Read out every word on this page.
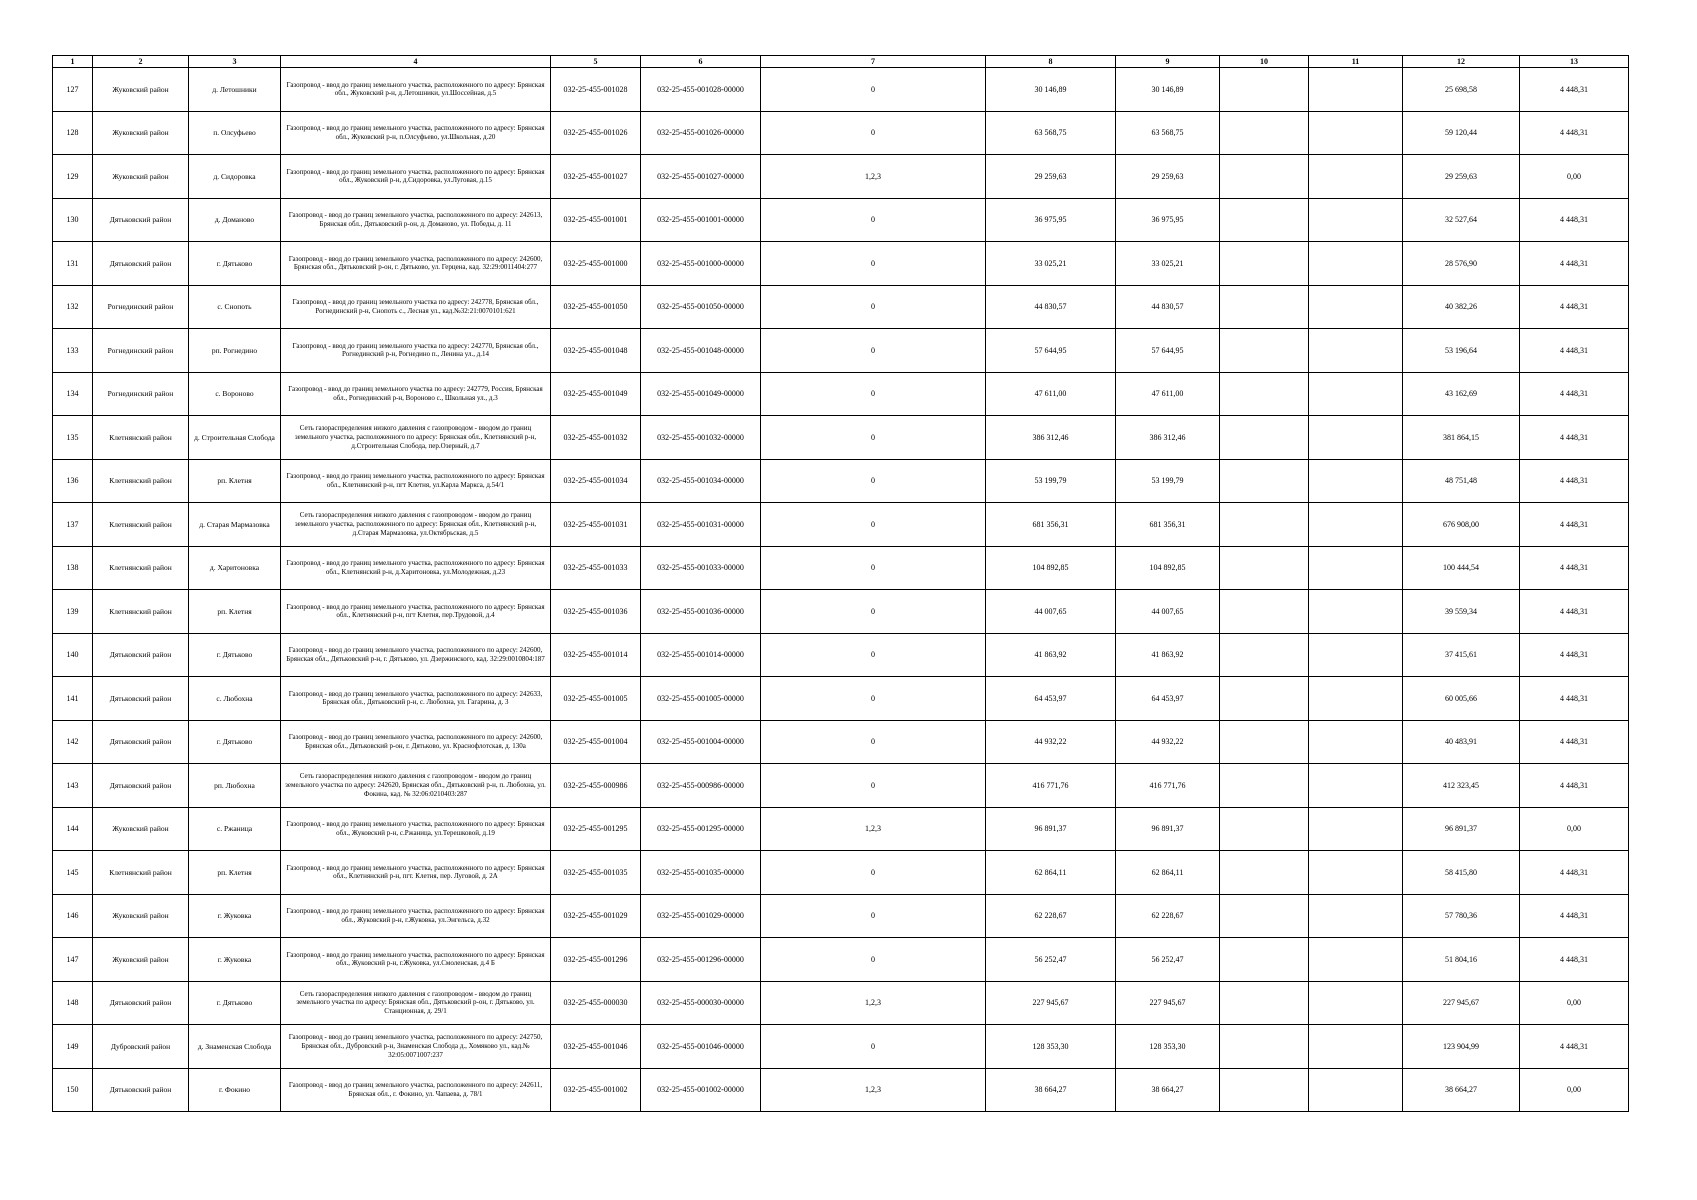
1	2	3	4	5	6	7	8	9	10	11	12	13
127	Жуковский район	д. Летошники	Газопровод - ввод до границ земельного участка, расположенного по адресу: Брянская обл., Жуковский р-н, д.Летошники, ул.Шоссейная, д.5	032-25-455-001028	032-25-455-001028-00000	0	30 146,89	30 146,89			25 698,58	4 448,31
128	Жуковский район	п. Олсуфьево	Газопровод - ввод до границ земельного участка, расположенного по адресу: Брянская обл., Жуковский р-н, п.Олсуфьево, ул.Школьная, д.20	032-25-455-001026	032-25-455-001026-00000	0	63 568,75	63 568,75			59 120,44	4 448,31
129	Жуковский район	д. Сидоровка	Газопровод - ввод до границ земельного участка, расположенного по адресу: Брянская обл., Жуковский р-н, д.Сидоровка, ул.Луговая, д.15	032-25-455-001027	032-25-455-001027-00000	1,2,3	29 259,63	29 259,63			29 259,63	0,00
130	Дятьковский район	д. Доманово	Газопровод - ввод до границ земельного участка, расположенного по адресу: 242613, Брянская обл., Дятьковский р-он, д. Доманово, ул. Победы, д. 11	032-25-455-001001	032-25-455-001001-00000	0	36 975,95	36 975,95			32 527,64	4 448,31
131	Дятьковский район	г. Дятьково	Газопровод - ввод до границ земельного участка, расположенного по адресу: 242600, Брянская обл., Дятьковский р-он, г. Дятьково, ул. Герцена, кад. 32:29:0011404:277	032-25-455-001000	032-25-455-001000-00000	0	33 025,21	33 025,21			28 576,90	4 448,31
132	Рогнединский район	с. Снопоть	Газопровод - ввод до границ земельного участка по адресу: 242778, Брянская обл., Рогнединский р-н, Снопоть с., Лесная ул., кад.№32:21:0070101:621	032-25-455-001050	032-25-455-001050-00000	0	44 830,57	44 830,57			40 382,26	4 448,31
133	Рогнединский район	рп. Рогнедино	Газопровод - ввод до границ земельного участка по адресу: 242770, Брянская обл., Рогнединский р-н, Рогнедино п., Ленина ул., д.14	032-25-455-001048	032-25-455-001048-00000	0	57 644,95	57 644,95			53 196,64	4 448,31
134	Рогнединский район	с. Вороново	Газопровод - ввод до границ земельного участка по адресу: 242779, Россия, Брянская обл., Рогнединский р-н, Вороново с., Школьная ул., д.3	032-25-455-001049	032-25-455-001049-00000	0	47 611,00	47 611,00			43 162,69	4 448,31
135	Клетнянский район	д. Строительная Слобода	Сеть газораспределения низкого давления с газопроводом - вводом до границ земельного участка, расположенного по адресу: Брянская обл., Клетнянский р-н, д.Строительная Слобода, пер.Озерный, д.7	032-25-455-001032	032-25-455-001032-00000	0	386 312,46	386 312,46			381 864,15	4 448,31
136	Клетнянский район	рп. Клетня	Газопровод - ввод до границ земельного участка, расположенного по адресу: Брянская обл., Клетнянский р-н, пгт Клетня, ул.Карла Маркса, д.54/1	032-25-455-001034	032-25-455-001034-00000	0	53 199,79	53 199,79			48 751,48	4 448,31
137	Клетнянский район	д. Старая Мармазовка	Сеть газораспределения низкого давления с газопроводом - вводом до границ земельного участка, расположенного по адресу: Брянская обл., Клетнянский р-н, д.Старая Мармазовка, ул.Октябрьская, д.5	032-25-455-001031	032-25-455-001031-00000	0	681 356,31	681 356,31			676 908,00	4 448,31
138	Клетнянский район	д. Харитоновка	Газопровод - ввод до границ земельного участка, расположенного по адресу: Брянская обл., Клетнянский р-н, д.Харитоновка, ул.Молодежная, д.23	032-25-455-001033	032-25-455-001033-00000	0	104 892,85	104 892,85			100 444,54	4 448,31
139	Клетнянский район	рп. Клетня	Газопровод - ввод до границ земельного участка, расположенного по адресу: Брянская обл., Клетнянский р-н, пгт Клетня, пер.Трудовой, д.4	032-25-455-001036	032-25-455-001036-00000	0	44 007,65	44 007,65			39 559,34	4 448,31
140	Дятьковский район	г. Дятьково	Газопровод - ввод до границ земельного участка, расположенного по адресу: 242600, Брянская обл., Дятьковский р-н, г. Дятьково, ул. Дзержинского, кад. 32:29:0010804:187	032-25-455-001014	032-25-455-001014-00000	0	41 863,92	41 863,92			37 415,61	4 448,31
141	Дятьковский район	с. Любохна	Газопровод - ввод до границ земельного участка, расположенного по адресу: 242633, Брянская обл., Дятьковский р-н, с. Любохна, ул. Гагарина, д. 3	032-25-455-001005	032-25-455-001005-00000	0	64 453,97	64 453,97			60 005,66	4 448,31
142	Дятьковский район	г. Дятьково	Газопровод - ввод до границ земельного участка, расположенного по адресу: 242600, Брянская обл., Дятьковский р-он, г. Дятьково, ул. Краснофлотская, д. 130а	032-25-455-001004	032-25-455-001004-00000	0	44 932,22	44 932,22			40 483,91	4 448,31
143	Дятьковский район	рп. Любохна	Сеть газораспределения низкого давления с газопроводом - вводом до границ земельного участка по адресу: 242620, Брянская обл., Дятьковский р-н, п. Любохна, ул. Фокина, кад. № 32:06:0210403:287	032-25-455-000986	032-25-455-000986-00000	0	416 771,76	416 771,76			412 323,45	4 448,31
144	Жуковский район	с. Ржаница	Газопровод - ввод до границ земельного участка, расположенного по адресу: Брянская обл., Жуковский р-н, с.Ржаница, ул.Терешковой, д.19	032-25-455-001295	032-25-455-001295-00000	1,2,3	96 891,37	96 891,37			96 891,37	0,00
145	Клетнянский район	рп. Клетня	Газопровод - ввод до границ земельного участка, расположенного по адресу: Брянская обл., Клетнянский р-н, пгт. Клетня, пер. Луговой, д. 2А	032-25-455-001035	032-25-455-001035-00000	0	62 864,11	62 864,11			58 415,80	4 448,31
146	Жуковский район	г. Жуковка	Газопровод - ввод до границ земельного участка, расположенного по адресу: Брянская обл., Жуковский р-н, г.Жуковка, ул.Энгельса, д.32	032-25-455-001029	032-25-455-001029-00000	0	62 228,67	62 228,67			57 780,36	4 448,31
147	Жуковский район	г. Жуковка	Газопровод - ввод до границ земельного участка, расположенного по адресу: Брянская обл., Жуковский р-н, г.Жуковка, ул.Смоленская, д.4 Б	032-25-455-001296	032-25-455-001296-00000	0	56 252,47	56 252,47			51 804,16	4 448,31
148	Дятьковский район	г. Дятьково	Сеть газораспределения низкого давления с газопроводом - вводом до границ земельного участка по адресу: Брянская обл., Дятьковский р-он, г. Дятьково, ул. Станционная, д. 29/1	032-25-455-000030	032-25-455-000030-00000	1,2,3	227 945,67	227 945,67			227 945,67	0,00
149	Дубровский район	д. Знаменская Слобода	Газопровод - ввод до границ земельного участка, расположенного по адресу: 242750, Брянская обл., Дубровский р-н, Знаменская Слобода д., Хомяково ул., кад.№ 32:05:0071007:237	032-25-455-001046	032-25-455-001046-00000	0	128 353,30	128 353,30			123 904,99	4 448,31
150	Дятьковский район	г. Фокино	Газопровод - ввод до границ земельного участка, расположенного по адресу: 242611, Брянская обл., г. Фокино, ул. Чапаева, д. 78/1	032-25-455-001002	032-25-455-001002-00000	1,2,3	38 664,27	38 664,27			38 664,27	0,00
